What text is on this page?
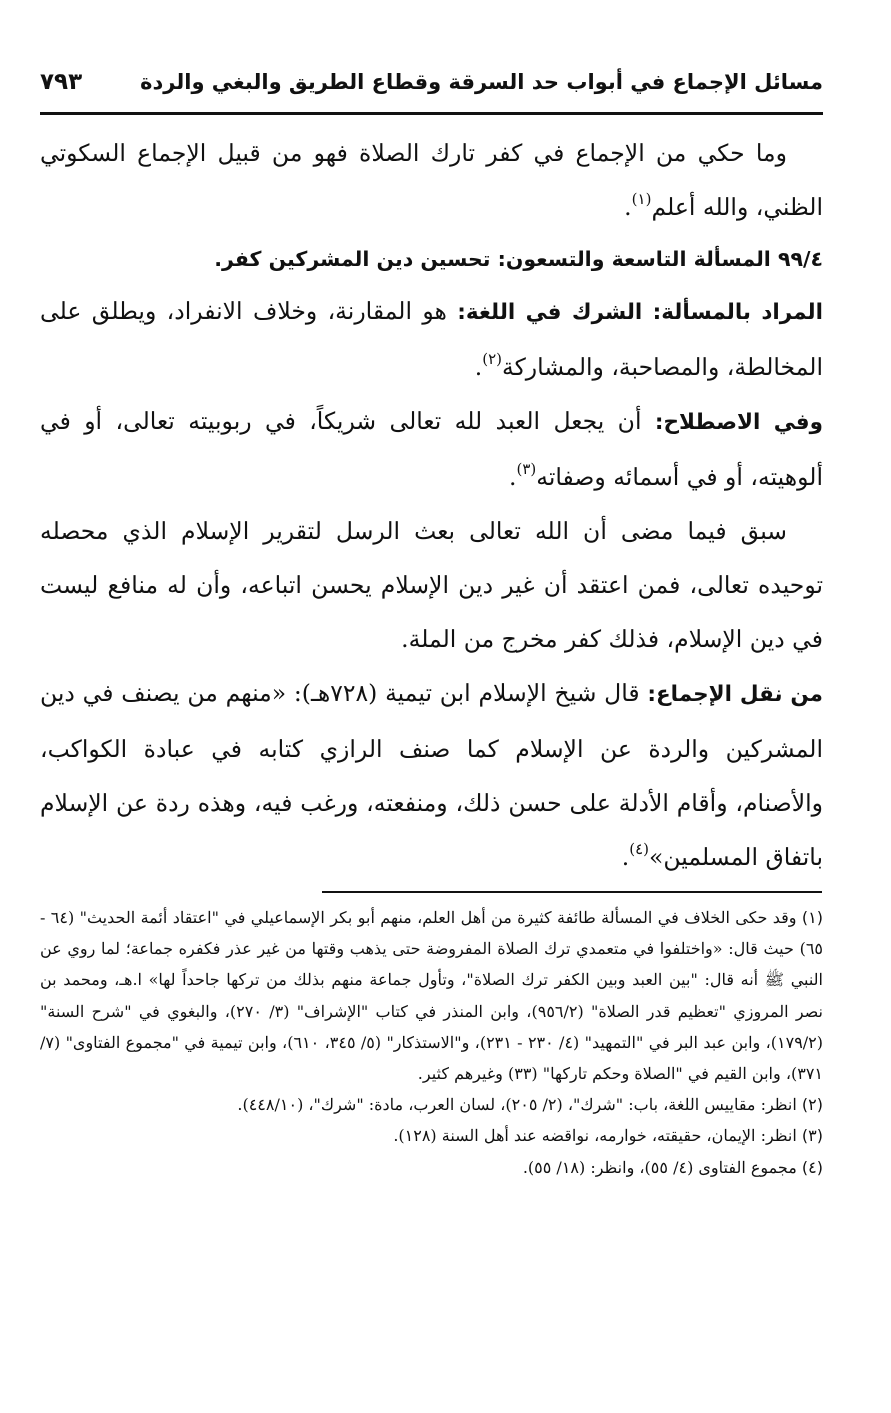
مسائل الإجماع في أبواب حد السرقة وقطاع الطريق والبغي والردة
٧٩٣

وما حكي من الإجماع في كفر تارك الصلاة فهو من قبيل الإجماع السكوتي الظني، والله أعلم$^{(١)}$.

٩٩/٤ المسألة التاسعة والتسعون: تحسين دين المشركين كفر.

المراد بالمسألة: الشرك في اللغة: هو المقارنة، وخلاف الانفراد، ويطلق على المخالطة، والمصاحبة، والمشاركة$^{(٢)}$.

وفي الاصطلاح: أن يجعل العبد لله تعالى شريكاً، في ربوبيته تعالى، أو في ألوهيته، أو في أسمائه وصفاته$^{(٣)}$.

سبق فيما مضى أن الله تعالى بعث الرسل لتقرير الإسلام الذي محصله توحيده تعالى، فمن اعتقد أن غير دين الإسلام يحسن اتباعه، وأن له منافع ليست في دين الإسلام، فذلك كفر مخرج من الملة.

من نقل الإجماع: قال شيخ الإسلام ابن تيمية (٧٢٨هـ): «منهم من يصنف في دين المشركين والردة عن الإسلام كما صنف الرازي كتابه في عبادة الكواكب، والأصنام، وأقام الأدلة على حسن ذلك، ومنفعته، ورغب فيه، وهذه ردة عن الإسلام باتفاق المسلمين»$^{(٤)}$.

(١) وقد حكى الخلاف في المسألة طائفة كثيرة من أهل العلم، منهم أبو بكر الإسماعيلي في "اعتقاد أئمة الحديث" (٦٤ - ٦٥) حيث قال: «واختلفوا في متعمدي ترك الصلاة المفروضة حتى يذهب وقتها من غير عذر فكفره جماعة؛ لما روي عن النبي ﷺ أنه قال: "بين العبد وبين الكفر ترك الصلاة"، وتأول جماعة منهم بذلك من تركها جاحداً لها» ا.هـ، ومحمد بن نصر المروزي "تعظيم قدر الصلاة" (٩٥٦/٢)، وابن المنذر في كتاب "الإشراف" (٣/ ٢٧٠)، والبغوي في "شرح السنة" (١٧٩/٢)، وابن عبد البر في "التمهيد" (٤/ ٢٣٠ - ٢٣١)، و"الاستذكار" (٥/ ٣٤٥، ٦١٠)، وابن تيمية في "مجموع الفتاوى" (٧/ ٣٧١)، وابن القيم في "الصلاة وحكم تاركها" (٣٣) وغيرهم كثير.

(٢) انظر: مقاييس اللغة، باب: "شرك"، (٢/ ٢٠٥)، لسان العرب، مادة: "شرك"، (٤٤٨/١٠).

(٣) انظر: الإيمان، حقيقته، خوارمه، نواقضه عند أهل السنة (١٢٨).

(٤) مجموع الفتاوى (٤/ ٥٥)، وانظر: (١٨/ ٥٥).
